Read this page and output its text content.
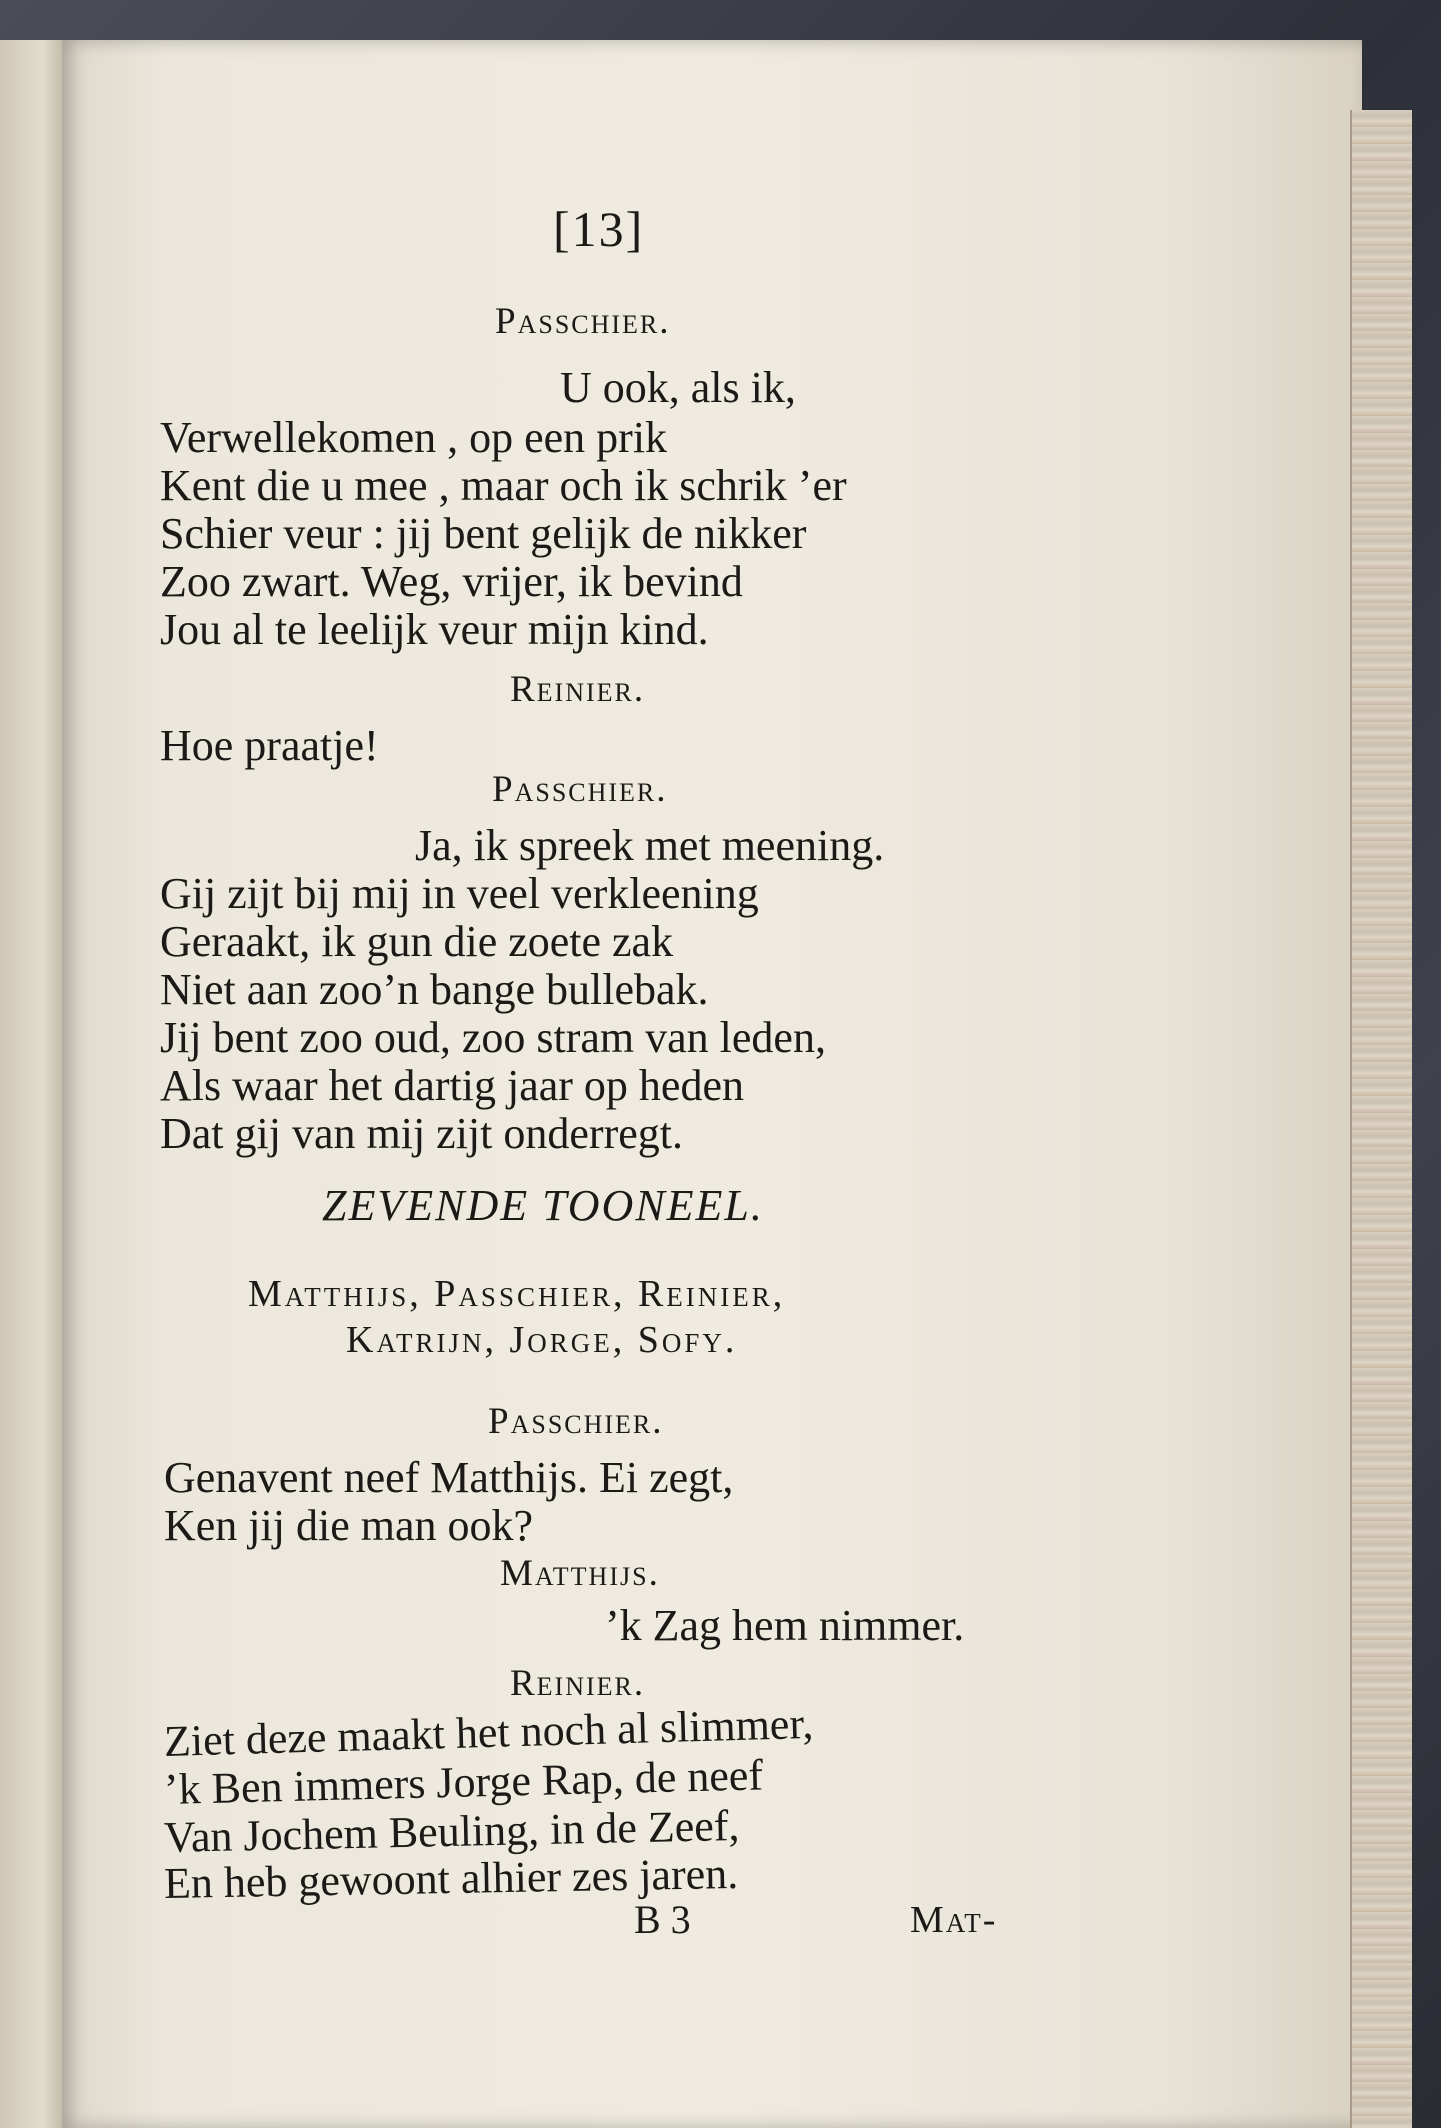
[13]
Passchier.
U ook, als ik,
Verwellekomen , op een prik
Kent die u mee , maar och ik schrik ’er
Schier veur : jij bent gelijk de nikker
Zoo zwart. Weg, vrijer, ik bevind
Jou al te leelijk veur mijn kind.
Reinier.
Hoe praatje!
Passchier.
Ja, ik spreek met meening.
Gij zijt bij mij in veel verkleening
Geraakt, ik gun die zoete zak
Niet aan zoo’n bange bullebak.
Jij bent zoo oud, zoo stram van leden,
Als waar het dartig jaar op heden
Dat gij van mij zijt onderregt.
ZEVENDE TOONEEL.
Matthijs, Passchier, Reinier,
Katrijn, Jorge, Sofy.
Passchier.
Genavent neef Matthijs. Ei zegt,
Ken jij die man ook?
Matthijs.
’k Zag hem nimmer.
Reinier.
Ziet deze maakt het noch al slimmer,
’k Ben immers Jorge Rap, de neef
Van Jochem Beuling, in de Zeef,
En heb gewoont alhier zes jaren.
B 3	Mat-
